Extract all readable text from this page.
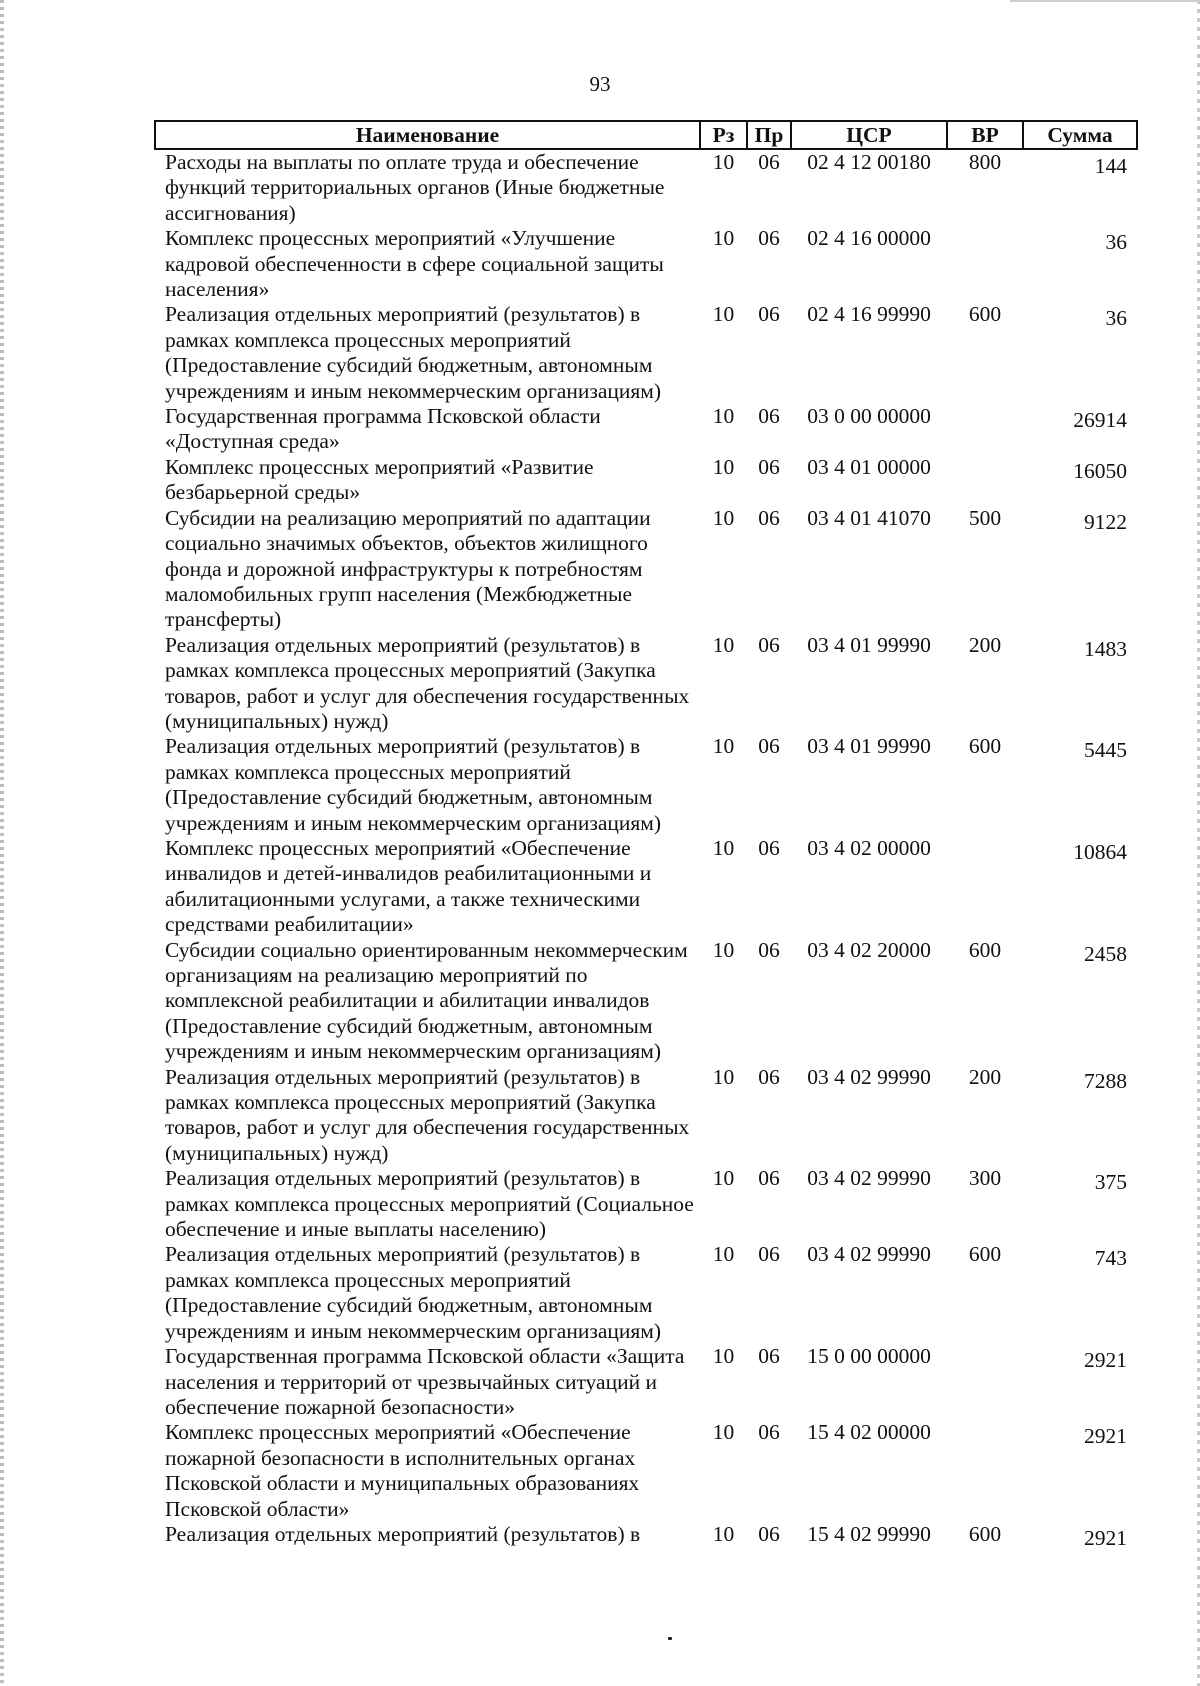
93
Наименование	Рз	Пр	ЦСР	ВР	Сумма
Расходы на выплаты по оплате труда и обеспечение функций территориальных органов (Иные бюджетные ассигнования)	10	06	02 4 12 00180	800	144
Комплекс процессных мероприятий «Улучшение кадровой обеспеченности в сфере социальной защиты населения»	10	06	02 4 16 00000		36
Реализация отдельных мероприятий (результатов) в рамках комплекса процессных мероприятий (Предоставление субсидий бюджетным, автономным учреждениям и иным некоммерческим организациям)	10	06	02 4 16 99990	600	36
Государственная программа Псковской области «Доступная среда»	10	06	03 0 00 00000		26914
Комплекс процессных мероприятий «Развитие безбарьерной среды»	10	06	03 4 01 00000		16050
Субсидии на реализацию мероприятий по адаптации социально значимых объектов, объектов жилищного фонда и дорожной инфраструктуры к потребностям маломобильных групп населения (Межбюджетные трансферты)	10	06	03 4 01 41070	500	9122
Реализация отдельных мероприятий (результатов) в рамках комплекса процессных мероприятий (Закупка товаров, работ и услуг для обеспечения государственных (муниципальных) нужд)	10	06	03 4 01 99990	200	1483
Реализация отдельных мероприятий (результатов) в рамках комплекса процессных мероприятий (Предоставление субсидий бюджетным, автономным учреждениям и иным некоммерческим организациям)	10	06	03 4 01 99990	600	5445
Комплекс процессных мероприятий «Обеспечение инвалидов и детей-инвалидов реабилитационными и абилитационными услугами, а также техническими средствами реабилитации»	10	06	03 4 02 00000		10864
Субсидии социально ориентированным некоммерческим организациям на реализацию мероприятий по комплексной реабилитации и абилитации инвалидов (Предоставление субсидий бюджетным, автономным учреждениям и иным некоммерческим организациям)	10	06	03 4 02 20000	600	2458
Реализация отдельных мероприятий (результатов) в рамках комплекса процессных мероприятий (Закупка товаров, работ и услуг для обеспечения государственных (муниципальных) нужд)	10	06	03 4 02 99990	200	7288
Реализация отдельных мероприятий (результатов) в рамках комплекса процессных мероприятий (Социальное обеспечение и иные выплаты населению)	10	06	03 4 02 99990	300	375
Реализация отдельных мероприятий (результатов) в рамках комплекса процессных мероприятий (Предоставление субсидий бюджетным, автономным учреждениям и иным некоммерческим организациям)	10	06	03 4 02 99990	600	743
Государственная программа Псковской области «Защита населения и территорий от чрезвычайных ситуаций и обеспечение пожарной безопасности»	10	06	15 0 00 00000		2921
Комплекс процессных мероприятий «Обеспечение пожарной безопасности в исполнительных органах Псковской области и муниципальных образованиях Псковской области»	10	06	15 4 02 00000		2921
Реализация отдельных мероприятий (результатов) в	10	06	15 4 02 99990	600	2921
